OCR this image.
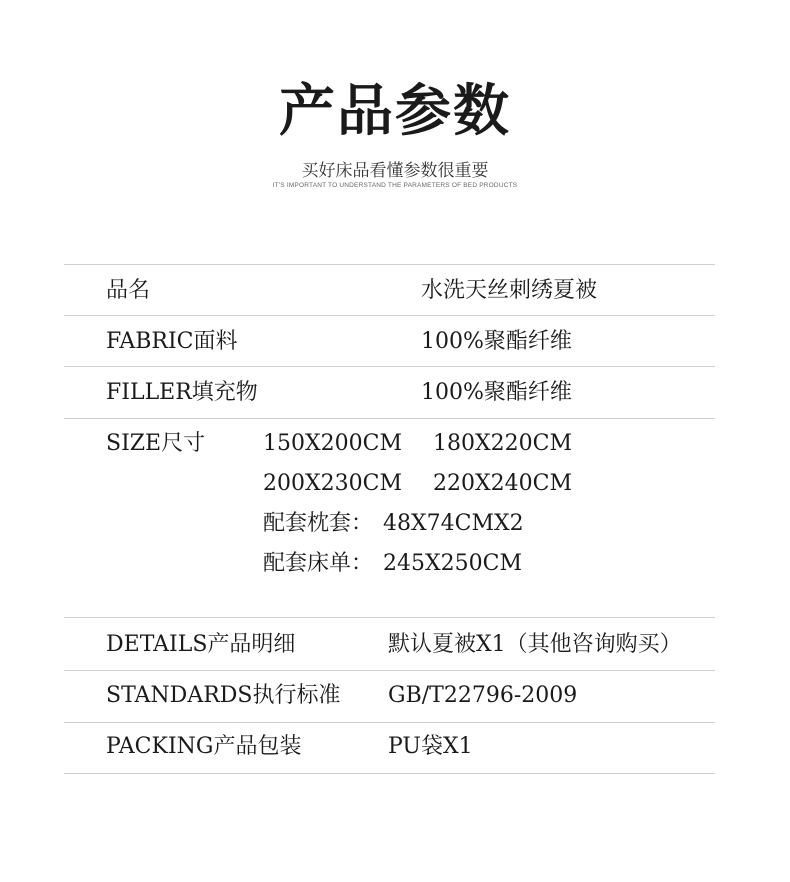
产品参数
买好床品看懂参数很重要
IT'S IMPORTANT TO UNDERSTAND THE PARAMETERS OF BED PRODUCTS
品名	水洗天丝刺绣夏被
FABRIC面料	100%聚酯纤维
FILLER填充物	100%聚酯纤维
SIZE尺寸	150X200CM 180X220CM
200X230CM 220X240CM
配套枕套： 48X74CMX2
配套床单： 245X250CM
DETAILS产品明细	默认夏被X1（其他咨询购买）
STANDARDS执行标准 GB/T22796-2009
PACKING产品包装	PU袋X1
